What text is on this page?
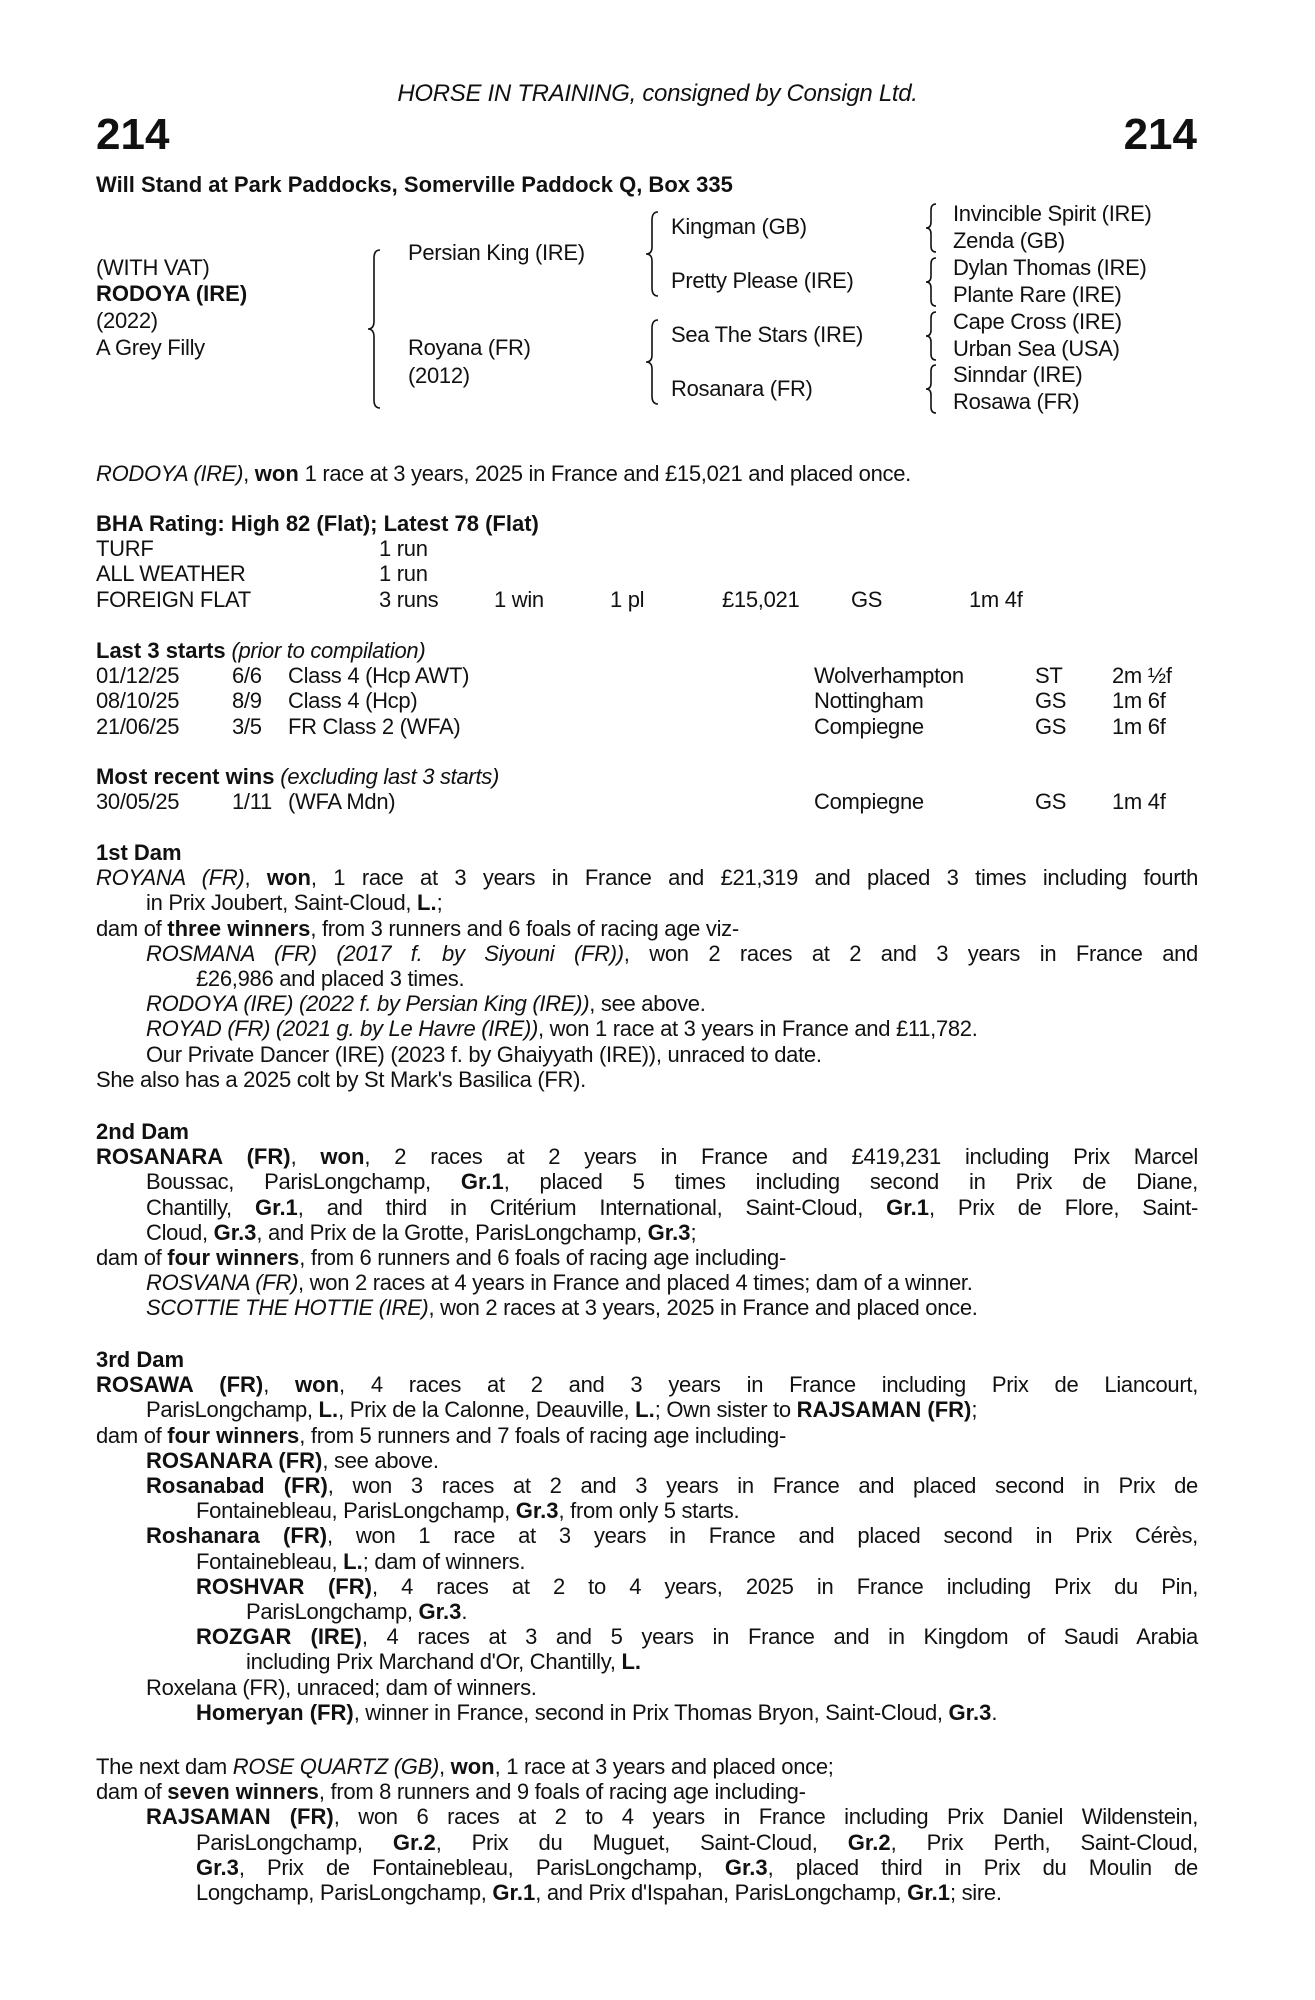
HORSE IN TRAINING, consigned by Consign Ltd.
214	214
Will Stand at Park Paddocks, Somerville Paddock Q, Box 335
(WITH VAT)
RODOYA (IRE)
(2022)
A Grey Filly
Persian King (IRE)
Royana (FR)
(2012)
Kingman (GB)
Pretty Please (IRE)
Sea The Stars (IRE)
Rosanara (FR)
Invincible Spirit (IRE)
Zenda (GB)
Dylan Thomas (IRE)
Plante Rare (IRE)
Cape Cross (IRE)
Urban Sea (USA)
Sinndar (IRE)
Rosawa (FR)
RODOYA (IRE), won 1 race at 3 years, 2025 in France and £15,021 and placed once.
BHA Rating: High 82 (Flat); Latest 78 (Flat)
TURF	1 run
ALL WEATHER	1 run
FOREIGN FLAT	3 runs	1 win	1 pl	£15,021	GS	1m 4f
Last 3 starts (prior to compilation)
01/12/25	6/6	Class 4 (Hcp AWT)	Wolverhampton	ST	2m ½f
08/10/25	8/9	Class 4 (Hcp)	Nottingham	GS	1m 6f
21/06/25	3/5	FR Class 2 (WFA)	Compiegne	GS	1m 6f
Most recent wins (excluding last 3 starts)
30/05/25	1/11 (WFA Mdn)	Compiegne	GS	1m 4f
1st Dam
ROYANA (FR), won, 1 race at 3 years in France and £21,319 and placed 3 times including fourth
in Prix Joubert, Saint-Cloud, L.;
dam of three winners, from 3 runners and 6 foals of racing age viz-
ROSMANA (FR) (2017 f. by Siyouni (FR)), won 2 races at 2 and 3 years in France and
£26,986 and placed 3 times.
RODOYA (IRE) (2022 f. by Persian King (IRE)), see above.
ROYAD (FR) (2021 g. by Le Havre (IRE)), won 1 race at 3 years in France and £11,782.
Our Private Dancer (IRE) (2023 f. by Ghaiyyath (IRE)), unraced to date.
She also has a 2025 colt by St Mark's Basilica (FR).
2nd Dam
ROSANARA (FR), won, 2 races at 2 years in France and £419,231 including Prix Marcel
Boussac, ParisLongchamp, Gr.1, placed 5 times including second in Prix de Diane,
Chantilly, Gr.1, and third in Critérium International, Saint-Cloud, Gr.1, Prix de Flore, Saint-
Cloud, Gr.3, and Prix de la Grotte, ParisLongchamp, Gr.3;
dam of four winners, from 6 runners and 6 foals of racing age including-
ROSVANA (FR), won 2 races at 4 years in France and placed 4 times; dam of a winner.
SCOTTIE THE HOTTIE (IRE), won 2 races at 3 years, 2025 in France and placed once.
3rd Dam
ROSAWA (FR), won, 4 races at 2 and 3 years in France including Prix de Liancourt,
ParisLongchamp, L., Prix de la Calonne, Deauville, L.; Own sister to RAJSAMAN (FR);
dam of four winners, from 5 runners and 7 foals of racing age including-
ROSANARA (FR), see above.
Rosanabad (FR), won 3 races at 2 and 3 years in France and placed second in Prix de
Fontainebleau, ParisLongchamp, Gr.3, from only 5 starts.
Roshanara (FR), won 1 race at 3 years in France and placed second in Prix Cérès,
Fontainebleau, L.; dam of winners.
ROSHVAR (FR), 4 races at 2 to 4 years, 2025 in France including Prix du Pin,
ParisLongchamp, Gr.3.
ROZGAR (IRE), 4 races at 3 and 5 years in France and in Kingdom of Saudi Arabia
including Prix Marchand d'Or, Chantilly, L.
Roxelana (FR), unraced; dam of winners.
Homeryan (FR), winner in France, second in Prix Thomas Bryon, Saint-Cloud, Gr.3.
The next dam ROSE QUARTZ (GB), won, 1 race at 3 years and placed once;
dam of seven winners, from 8 runners and 9 foals of racing age including-
RAJSAMAN (FR), won 6 races at 2 to 4 years in France including Prix Daniel Wildenstein,
ParisLongchamp, Gr.2, Prix du Muguet, Saint-Cloud, Gr.2, Prix Perth, Saint-Cloud,
Gr.3, Prix de Fontainebleau, ParisLongchamp, Gr.3, placed third in Prix du Moulin de
Longchamp, ParisLongchamp, Gr.1, and Prix d'Ispahan, ParisLongchamp, Gr.1; sire.
